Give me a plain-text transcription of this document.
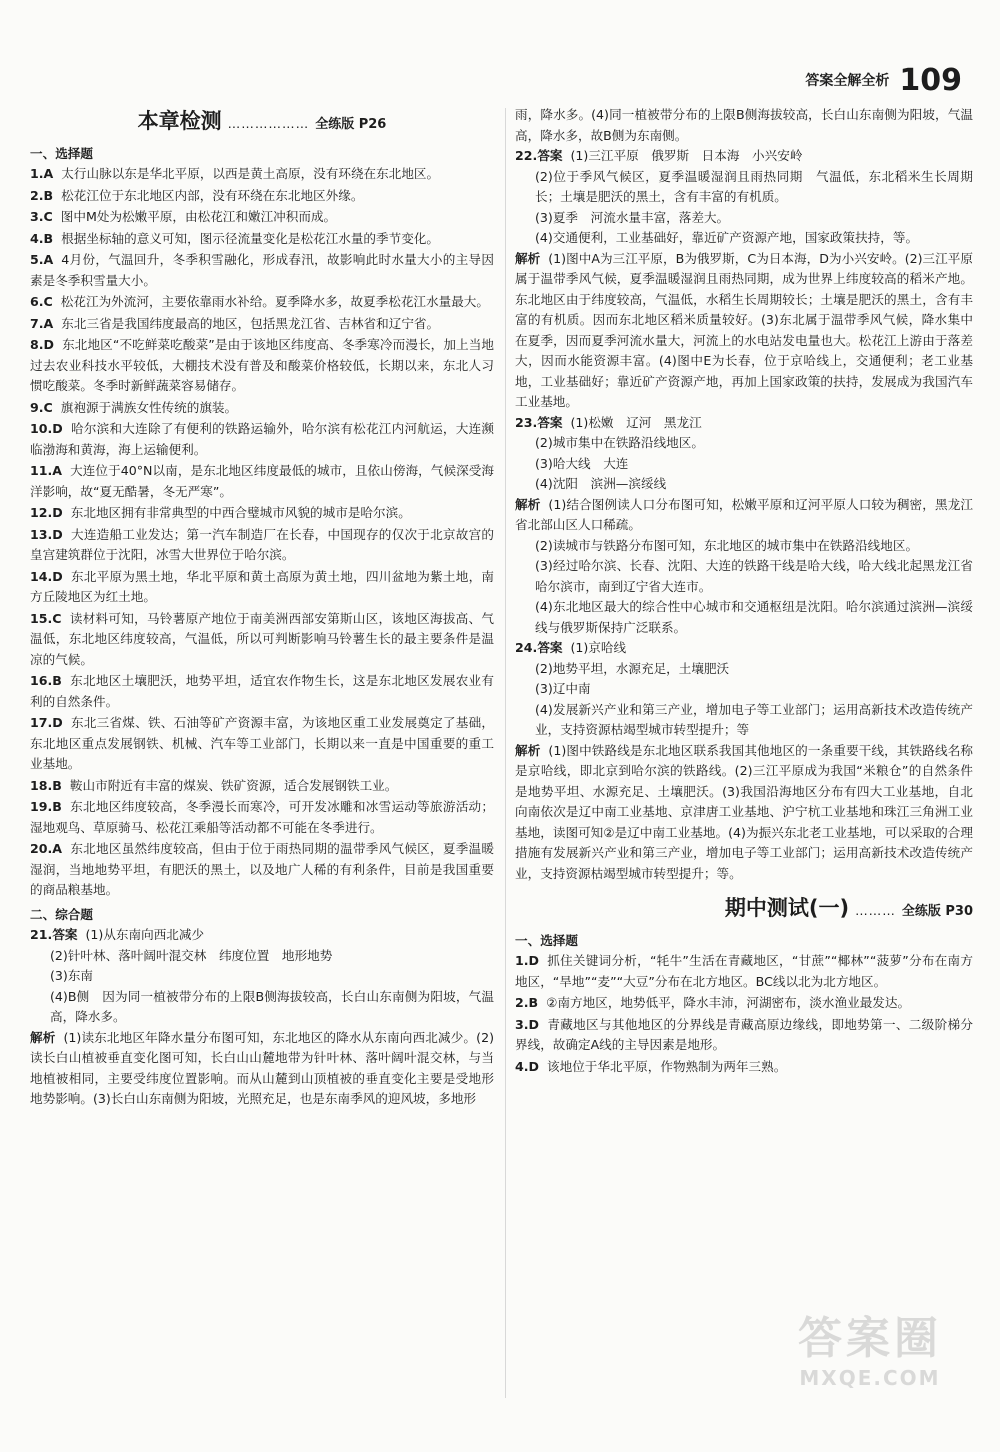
答案全解全析 109
本章检测 ……………… 全练版 P26
一、选择题
1.A 太行山脉以东是华北平原，以西是黄土高原，没有环绕在东北地区。
2.B 松花江位于东北地区内部，没有环绕在东北地区外缘。
3.C 图中M处为松嫩平原，由松花江和嫩江冲积而成。
4.B 根据坐标轴的意义可知，图示径流量变化是松花江水量的季节变化。
5.A 4月份，气温回升，冬季积雪融化，形成春汛，故影响此时水量大小的主导因素是冬季积雪量大小。
6.C 松花江为外流河，主要依靠雨水补给。夏季降水多，故夏季松花江水量最大。
7.A 东北三省是我国纬度最高的地区，包括黑龙江省、吉林省和辽宁省。
8.D 东北地区“不吃鲜菜吃酸菜”是由于该地区纬度高、冬季寒冷而漫长，加上当地过去农业科技水平较低，大棚技术没有普及和酸菜价格较低，长期以来，东北人习惯吃酸菜。冬季时新鲜蔬菜容易储存。
9.C 旗袍源于满族女性传统的旗装。
10.D 哈尔滨和大连除了有便利的铁路运输外，哈尔滨有松花江内河航运，大连濒临渤海和黄海，海上运输便利。
11.A 大连位于40°N以南，是东北地区纬度最低的城市，且依山傍海，气候深受海洋影响，故“夏无酷暑，冬无严寒”。
12.D 东北地区拥有非常典型的中西合璧城市风貌的城市是哈尔滨。
13.D 大连造船工业发达；第一汽车制造厂在长春，中国现存的仅次于北京故宫的皇宫建筑群位于沈阳，冰雪大世界位于哈尔滨。
14.D 东北平原为黑土地，华北平原和黄土高原为黄土地，四川盆地为紫土地，南方丘陵地区为红土地。
15.C 读材料可知，马铃薯原产地位于南美洲西部安第斯山区，该地区海拔高、气温低，东北地区纬度较高，气温低，所以可判断影响马铃薯生长的最主要条件是温凉的气候。
16.B 东北地区土壤肥沃，地势平坦，适宜农作物生长，这是东北地区发展农业有利的自然条件。
17.D 东北三省煤、铁、石油等矿产资源丰富，为该地区重工业发展奠定了基础，东北地区重点发展钢铁、机械、汽车等工业部门，长期以来一直是中国重要的重工业基地。
18.B 鞍山市附近有丰富的煤炭、铁矿资源，适合发展钢铁工业。
19.B 东北地区纬度较高，冬季漫长而寒冷，可开发冰雕和冰雪运动等旅游活动；湿地观鸟、草原骑马、松花江乘船等活动都不可能在冬季进行。
20.A 东北地区虽然纬度较高，但由于位于雨热同期的温带季风气候区，夏季温暖湿润，当地地势平坦，有肥沃的黑土，以及地广人稀的有利条件，目前是我国重要的商品粮基地。
二、综合题
21.答案 (1)从东南向西北减少
(2)针叶林、落叶阔叶混交林　纬度位置　地形地势
(3)东南
(4)B侧　因为同一植被带分布的上限B侧海拔较高，长白山东南侧为阳坡，气温高，降水多。
解析 (1)读东北地区年降水量分布图可知，东北地区的降水从东南向西北减少。(2)读长白山植被垂直变化图可知，长白山山麓地带为针叶林、落叶阔叶混交林，与当地植被相同，主要受纬度位置影响。而从山麓到山顶植被的垂直变化主要是受地形地势影响。(3)长白山东南侧为阳坡，光照充足，也是东南季风的迎风坡，多地形
雨，降水多。(4)同一植被带分布的上限B侧海拔较高，长白山东南侧为阳坡，气温高，降水多，故B侧为东南侧。
22.答案 (1)三江平原　俄罗斯　日本海　小兴安岭
(2)位于季风气候区，夏季温暖湿润且雨热同期　气温低，东北稻米生长周期长；土壤是肥沃的黑土，含有丰富的有机质。
(3)夏季　河流水量丰富，落差大。
(4)交通便利，工业基础好，靠近矿产资源产地，国家政策扶持，等。
解析 (1)图中A为三江平原，B为俄罗斯，C为日本海，D为小兴安岭。(2)三江平原属于温带季风气候，夏季温暖湿润且雨热同期，成为世界上纬度较高的稻米产地。东北地区由于纬度较高，气温低，水稻生长周期较长；土壤是肥沃的黑土，含有丰富的有机质。因而东北地区稻米质量较好。(3)东北属于温带季风气候，降水集中在夏季，因而夏季河流水量大，河流上的水电站发电量也大。松花江上游由于落差大，因而水能资源丰富。(4)图中E为长春，位于京哈线上，交通便利；老工业基地，工业基础好；靠近矿产资源产地，再加上国家政策的扶持，发展成为我国汽车工业基地。
23.答案 (1)松嫩　辽河　黑龙江
(2)城市集中在铁路沿线地区。
(3)哈大线　大连
(4)沈阳　滨洲—滨绥线
解析 (1)结合图例读人口分布图可知，松嫩平原和辽河平原人口较为稠密，黑龙江省北部山区人口稀疏。
(2)读城市与铁路分布图可知，东北地区的城市集中在铁路沿线地区。
(3)经过哈尔滨、长春、沈阳、大连的铁路干线是哈大线，哈大线北起黑龙江省哈尔滨市，南到辽宁省大连市。
(4)东北地区最大的综合性中心城市和交通枢纽是沈阳。哈尔滨通过滨洲—滨绥线与俄罗斯保持广泛联系。
24.答案 (1)京哈线
(2)地势平坦，水源充足，土壤肥沃
(3)辽中南
(4)发展新兴产业和第三产业，增加电子等工业部门；运用高新技术改造传统产业，支持资源枯竭型城市转型提升；等
解析 (1)图中铁路线是东北地区联系我国其他地区的一条重要干线，其铁路线名称是京哈线，即北京到哈尔滨的铁路线。(2)三江平原成为我国“米粮仓”的自然条件是地势平坦、水源充足、土壤肥沃。(3)我国沿海地区分布有四大工业基地，自北向南依次是辽中南工业基地、京津唐工业基地、沪宁杭工业基地和珠江三角洲工业基地，读图可知②是辽中南工业基地。(4)为振兴东北老工业基地，可以采取的合理措施有发展新兴产业和第三产业，增加电子等工业部门；运用高新技术改造传统产业，支持资源枯竭型城市转型提升；等。
期中测试(一) ……… 全练版 P30
一、选择题
1.D 抓住关键词分析，“牦牛”生活在青藏地区，“甘蔗”“椰林”“菠萝”分布在南方地区，“旱地”“麦”“大豆”分布在北方地区。BC线以北为北方地区。
2.B ②南方地区，地势低平，降水丰沛，河湖密布，淡水渔业最发达。
3.D 青藏地区与其他地区的分界线是青藏高原边缘线，即地势第一、二级阶梯分界线，故确定A线的主导因素是地形。
4.D 该地位于华北平原，作物熟制为两年三熟。
答案圈
MXQE.COM
